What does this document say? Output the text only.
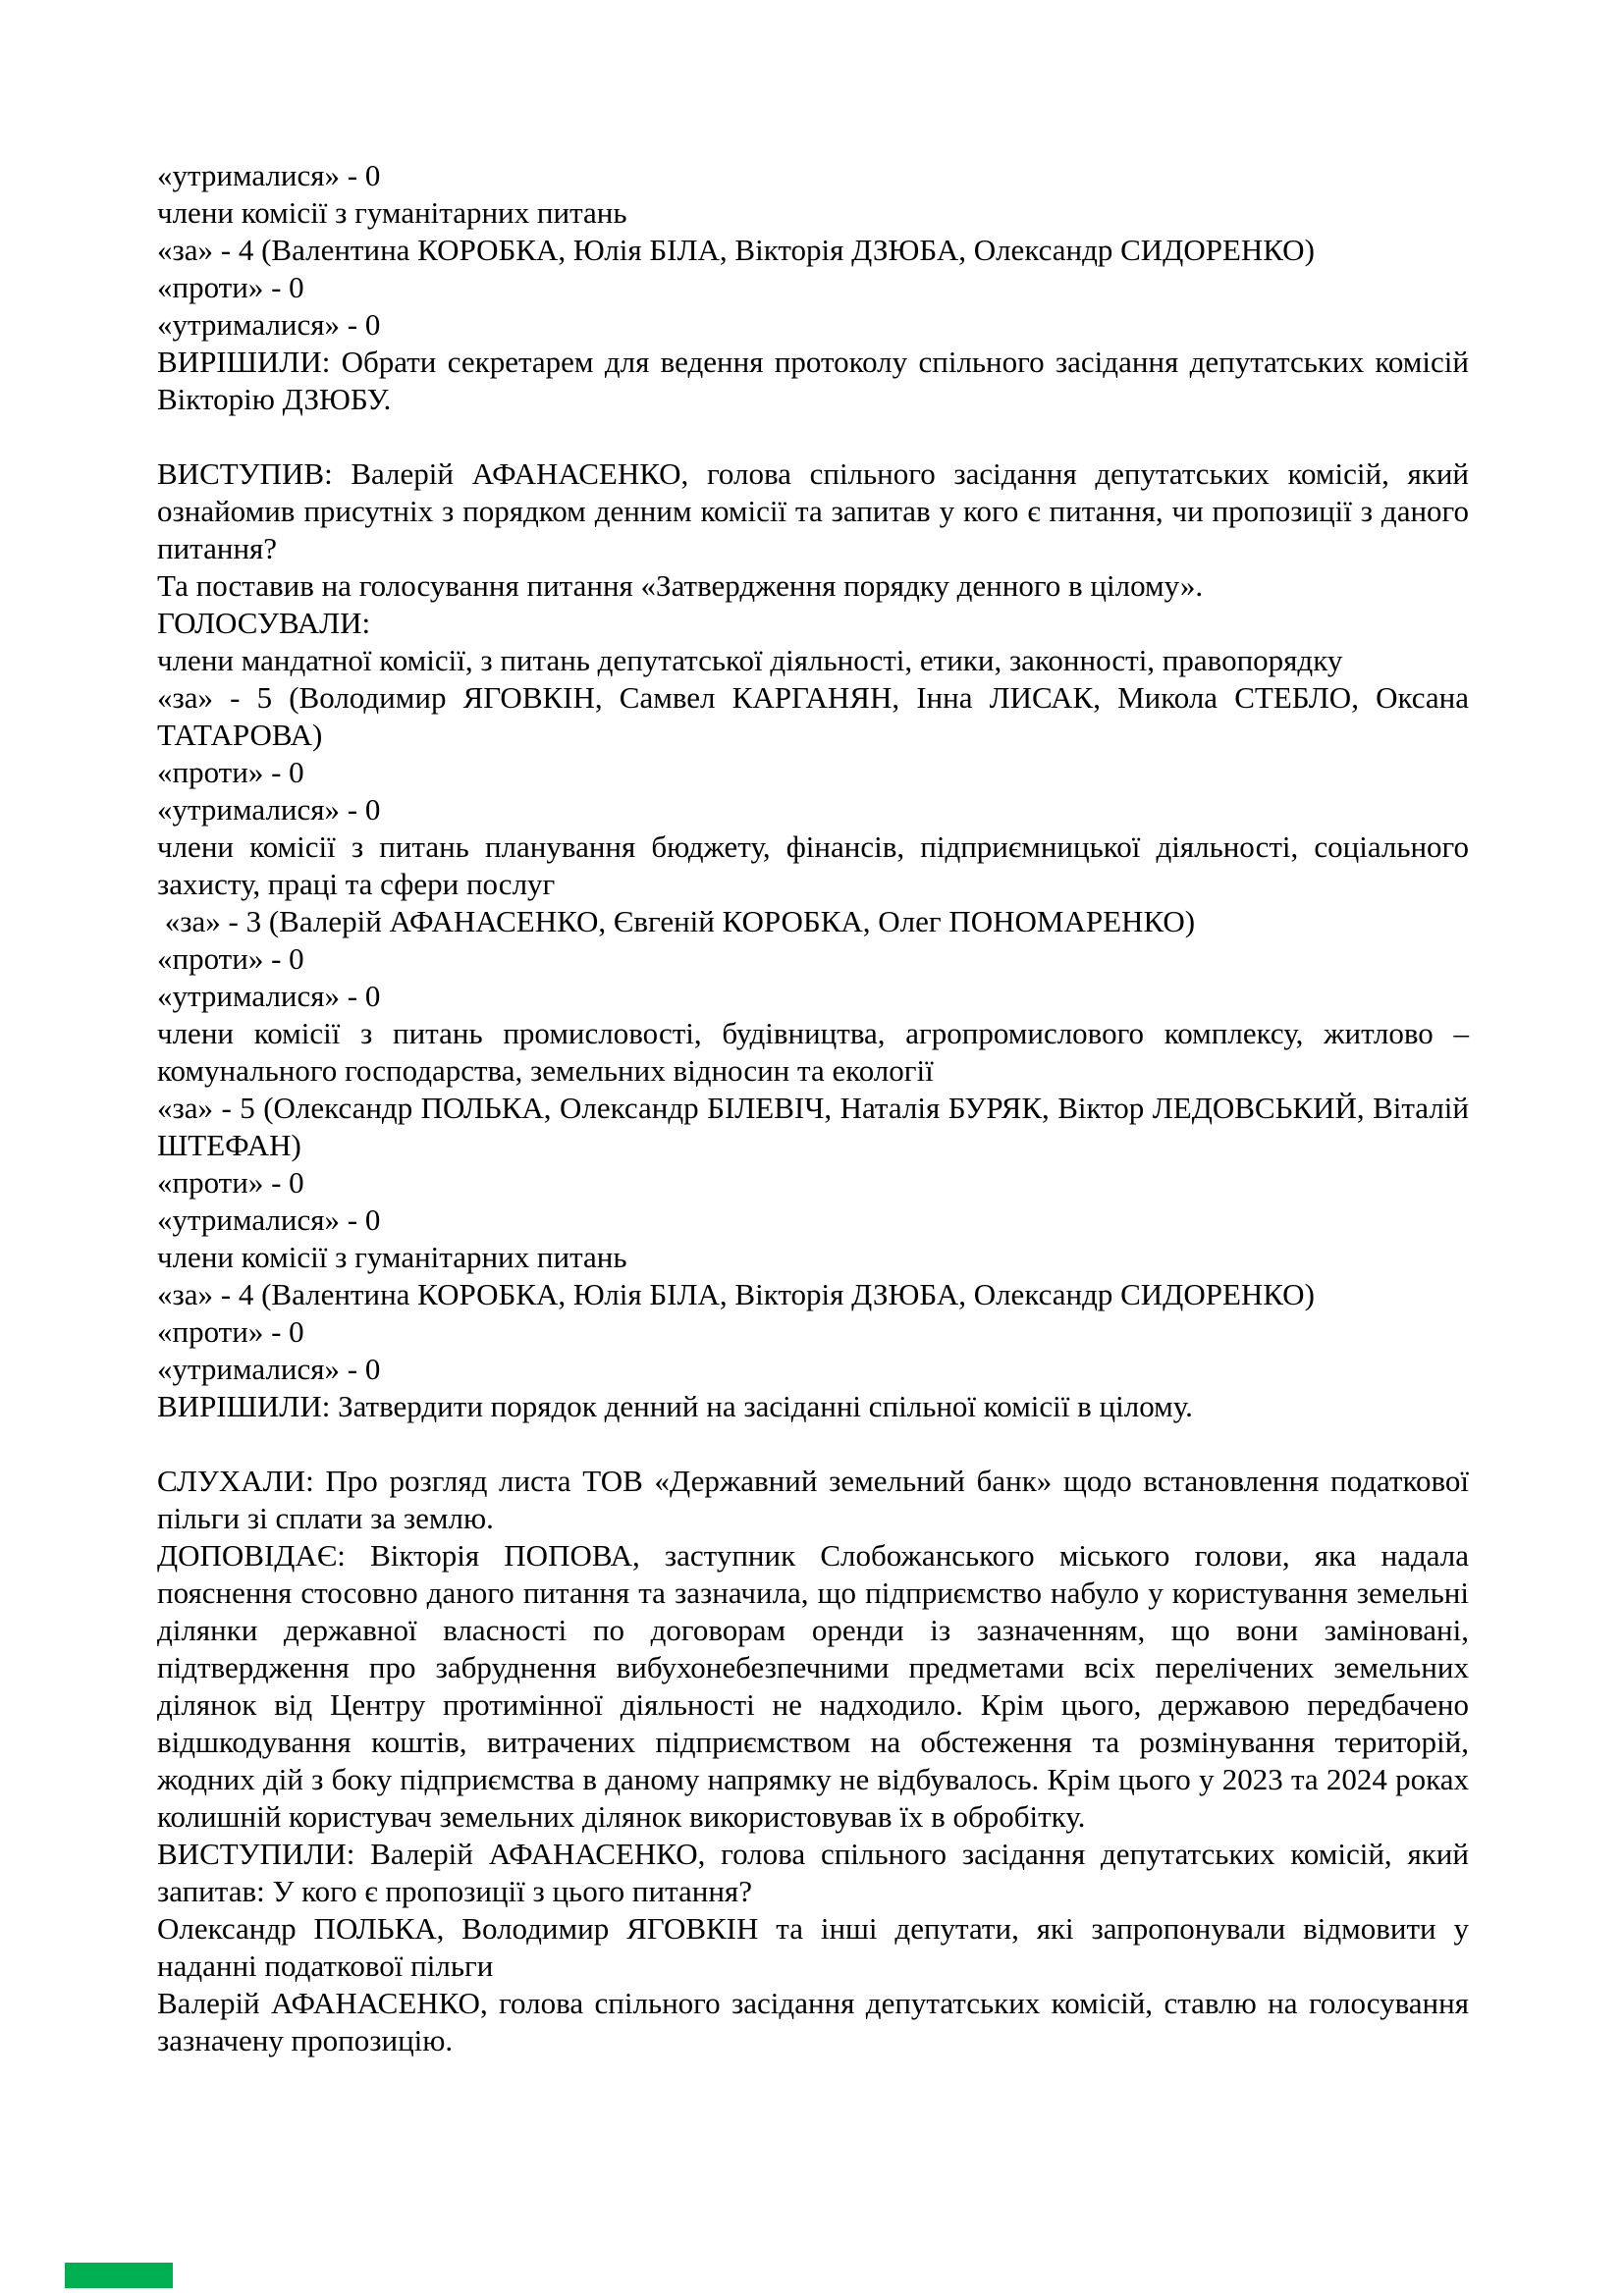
«утрималися» - 0

члени комісії з гуманітарних питань

«за» - 4 (Валентина КОРОБКА, Юлія БІЛА, Вікторія ДЗЮБА, Олександр СИДОРЕНКО)

«проти» - 0

«утрималися» - 0

ВИРІШИЛИ: Обрати секретарем для ведення протоколу спільного засідання депутатських комісій Вікторію ДЗЮБУ.

ВИСТУПИВ: Валерій АФАНАСЕНКО, голова спільного засідання депутатських комісій, який ознайомив присутніх з порядком денним комісії та запитав у кого є питання, чи пропозиції з даного питання?

Та поставив на голосування питання «Затвердження порядку денного в цілому».

ГОЛОСУВАЛИ:

члени мандатної комісії, з питань депутатської діяльності, етики, законності, правопорядку

«за» - 5 (Володимир ЯГОВКІН, Самвел КАРГАНЯН, Інна ЛИСАК, Микола СТЕБЛО, Оксана ТАТАРОВА)

«проти» - 0

«утрималися» - 0

члени комісії з питань планування бюджету, фінансів, підприємницької діяльності, соціального захисту, праці та сфери послуг

«за» - 3 (Валерій АФАНАСЕНКО, Євгеній КОРОБКА, Олег ПОНОМАРЕНКО)

«проти» - 0

«утрималися» - 0

члени комісії з питань промисловості, будівництва, агропромислового комплексу, житлово – комунального господарства, земельних відносин та екології

«за» - 5 (Олександр ПОЛЬКА, Олександр БІЛЕВІЧ, Наталія БУРЯК, Віктор ЛЕДОВСЬКИЙ, Віталій ШТЕФАН)

«проти» - 0

«утрималися» - 0

члени комісії з гуманітарних питань

«за» - 4 (Валентина КОРОБКА, Юлія БІЛА, Вікторія ДЗЮБА, Олександр СИДОРЕНКО)

«проти» - 0

«утрималися» - 0

ВИРІШИЛИ: Затвердити порядок денний на засіданні спільної комісії в цілому.

СЛУХАЛИ: Про розгляд листа ТОВ «Державний земельний банк» щодо встановлення податкової пільги зі сплати за землю.

ДОПОВІДАЄ: Вікторія ПОПОВА, заступник Слобожанського міського голови, яка надала пояснення стосовно даного питання та зазначила, що підприємство набуло у користування земельні ділянки державної власності по договорам оренди із зазначенням, що вони заміновані, підтвердження про забруднення вибухонебезпечними предметами всіх перелічених земельних ділянок від Центру протимінної діяльності не надходило. Крім цього, державою передбачено відшкодування коштів, витрачених підприємством на обстеження та розмінування територій, жодних дій з боку підприємства в даному напрямку не відбувалось. Крім цього у 2023 та 2024 роках колишній користувач земельних ділянок використовував їх в обробітку.

ВИСТУПИЛИ: Валерій АФАНАСЕНКО, голова спільного засідання депутатських комісій, який запитав: У кого є пропозиції з цього питання?

Олександр ПОЛЬКА, Володимир ЯГОВКІН та інші депутати, які запропонували відмовити у наданні податкової пільги

Валерій АФАНАСЕНКО, голова спільного засідання депутатських комісій, ставлю на голосування зазначену пропозицію.
